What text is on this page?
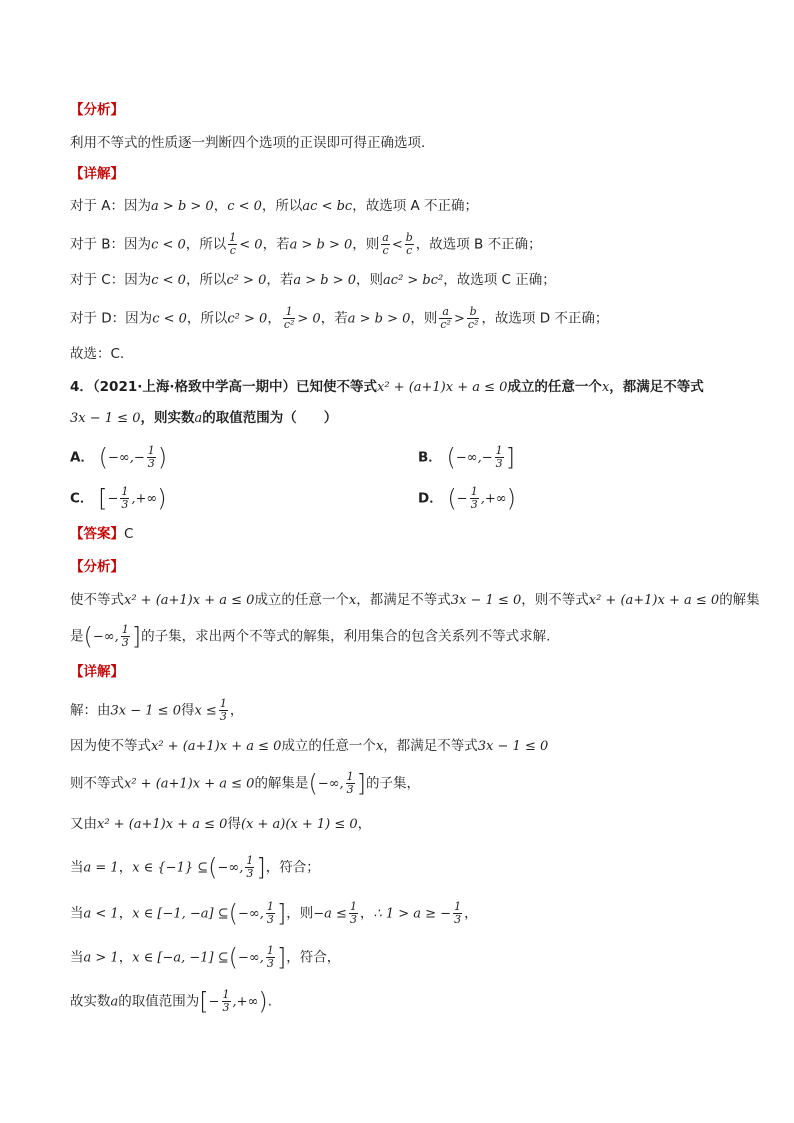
【分析】
利用不等式的性质逐一判断四个选项的正误即可得正确选项.
【详解】
对于 A：因为a > b > 0，c < 0，所以ac < bc，故选项 A 不正确；
对于 B：因为c < 0，所以 $\frac{1}{c} < 0$，若a > b > 0，则 $\frac{a}{c} < \frac{b}{c}$ ，故选项 B 不正确；
对于 C：因为c < 0，所以c² > 0，若a > b > 0，则ac² > bc²，故选项 C 正确；
对于 D：因为c < 0，所以c² > 0， $\frac{1}{\text{c²}} > 0$，若a > b > 0，则 $\frac{a}{\text{c²}} > \frac{b}{\text{c²}}$ ，故选项 D 不正确；
故选：C.
4．（2021·上海·格致中学高一期中）已知使不等式x² + (a+1)x + a ≤ 0成立的任意一个x，都满足不等式
3x − 1 ≤ 0，则实数a的取值范围为（　　）
A． (−∞,− $\frac{1}{3}$ )	B． (−∞,− $\frac{1}{3}$ ]
C． [− $\frac{1}{3}$ ,+∞)	D． (− $\frac{1}{3}$ ,+∞)
【答案】C
【分析】
使不等式x² + (a+1)x + a ≤ 0成立的任意一个x，都满足不等式3x − 1 ≤ 0，则不等式x² + (a+1)x + a ≤ 0的解集
是(−∞, $\frac{1}{3}$ ]的子集，求出两个不等式的解集，利用集合的包含关系列不等式求解.
【详解】
解：由3x − 1 ≤ 0得$x \le \frac{1}{3}$ ，
因为使不等式x² + (a+1)x + a ≤ 0成立的任意一个x，都满足不等式3x − 1 ≤ 0
则不等式x² + (a+1)x + a ≤ 0的解集是(−∞, $\frac{1}{3}$ ]的子集，
又由x² + (a+1)x + a ≤ 0得(x + a)(x + 1) ≤ 0，
当a = 1，x ∈ {−1} ⊆(−∞, $\frac{1}{3}$ ]，符合；
当a < 1，x ∈ [−1, −a] ⊆(−∞, $\frac{1}{3}$ ]，则$-a \le \frac{1}{3}$ ，∴ 1 > a ≥ − $\frac{1}{3}$ ，
当a > 1，x ∈ [−a, −1] ⊆(−∞, $\frac{1}{3}$ ]，符合，
故实数a的取值范围为[− $\frac{1}{3}$ ,+∞).
